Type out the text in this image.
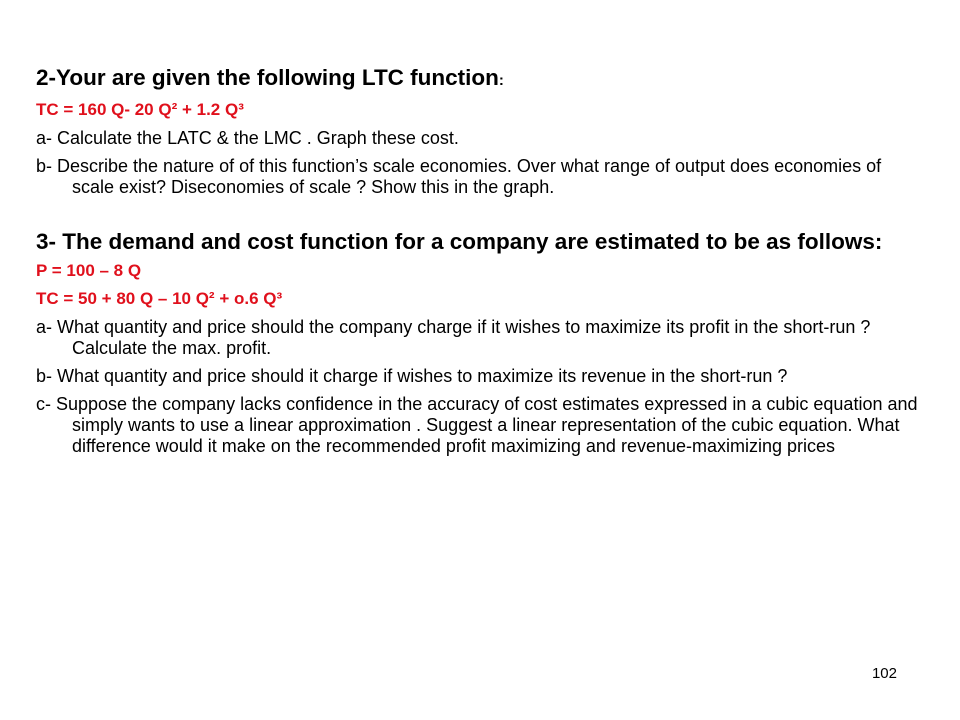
2-Your are given the following LTC function:

TC = 160 Q- 20 Q² + 1.2 Q³

a- Calculate the LATC & the LMC . Graph these cost.

b- Describe the nature of of this function’s scale economies. Over what range of output does economies of scale exist? Diseconomies of scale ? Show this in the graph.

3- The demand and cost function for a company are estimated to be as follows:

P = 100 – 8 Q

TC = 50 + 80 Q – 10 Q² + o.6 Q³

a- What quantity and price should the company charge if it wishes to maximize its profit in the short-run ? Calculate the max. profit.

b- What quantity and price should it charge if wishes to maximize its revenue in the short-run ?

c- Suppose the company lacks confidence in the accuracy of cost estimates expressed in a cubic equation and simply wants to use a linear approximation . Suggest a linear representation of the cubic equation. What difference would it make on the recommended profit maximizing and revenue-maximizing prices

102
